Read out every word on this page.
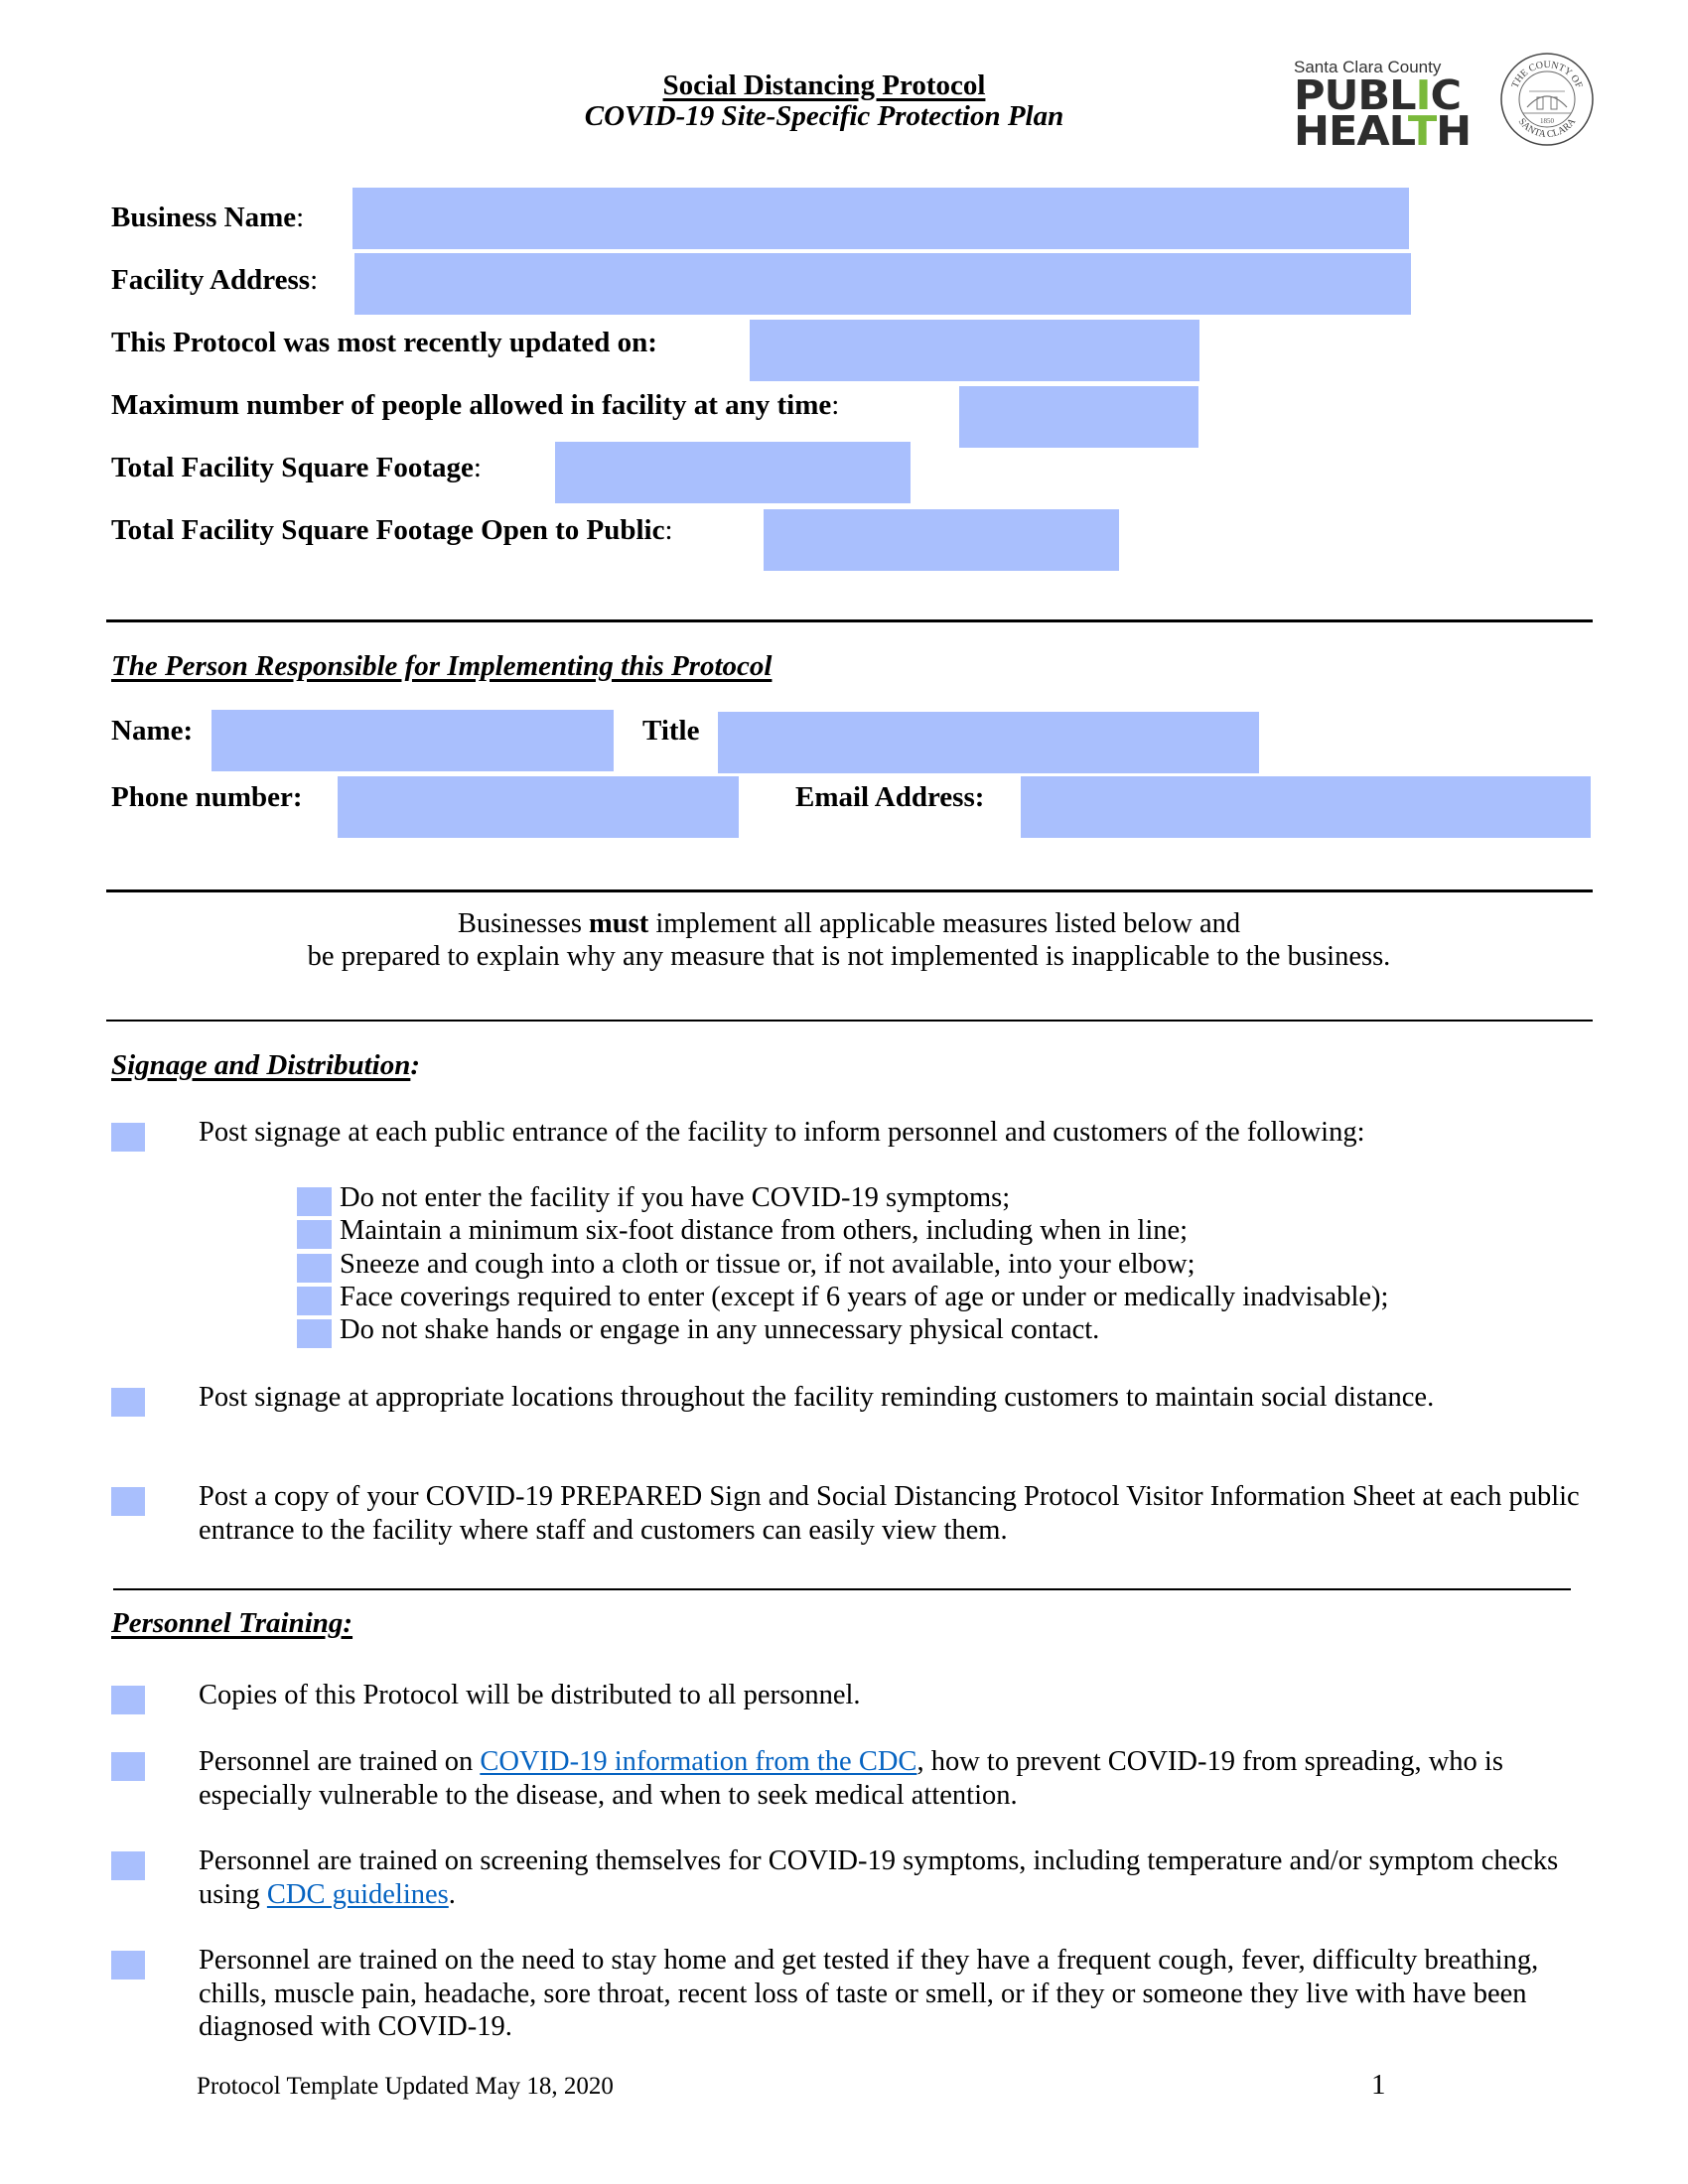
Social Distancing Protocol
COVID-19 Site-Specific Protection Plan
Santa Clara County
PUBLIC
HEALTH
THE COUNTY OF
SANTA CLARA
1850
Business Name:
Facility Address:
This Protocol was most recently updated on:
Maximum number of people allowed in facility at any time:
Total Facility Square Footage:
Total Facility Square Footage Open to Public:
The Person Responsible for Implementing this Protocol
Name:	Title
Phone number:	Email Address:
Businesses must implement all applicable measures listed below and
be prepared to explain why any measure that is not implemented is inapplicable to the business.
Signage and Distribution:
Post signage at each public entrance of the facility to inform personnel and customers of the following:
Do not enter the facility if you have COVID-19 symptoms;
Maintain a minimum six-foot distance from others, including when in line;
Sneeze and cough into a cloth or tissue or, if not available, into your elbow;
Face coverings required to enter (except if 6 years of age or under or medically inadvisable);
Do not shake hands or engage in any unnecessary physical contact.
Post signage at appropriate locations throughout the facility reminding customers to maintain social distance.
Post a copy of your COVID-19 PREPARED Sign and Social Distancing Protocol Visitor Information Sheet at each public entrance to the facility where staff and customers can easily view them.
Personnel Training:
Copies of this Protocol will be distributed to all personnel.
Personnel are trained on COVID-19 information from the CDC, how to prevent COVID-19 from spreading, who is especially vulnerable to the disease, and when to seek medical attention.
Personnel are trained on screening themselves for COVID-19 symptoms, including temperature and/or symptom checks using CDC guidelines.
Personnel are trained on the need to stay home and get tested if they have a frequent cough, fever, difficulty breathing, chills, muscle pain, headache, sore throat, recent loss of taste or smell, or if they or someone they live with have been diagnosed with COVID-19.
Protocol Template Updated May 18, 2020	1
